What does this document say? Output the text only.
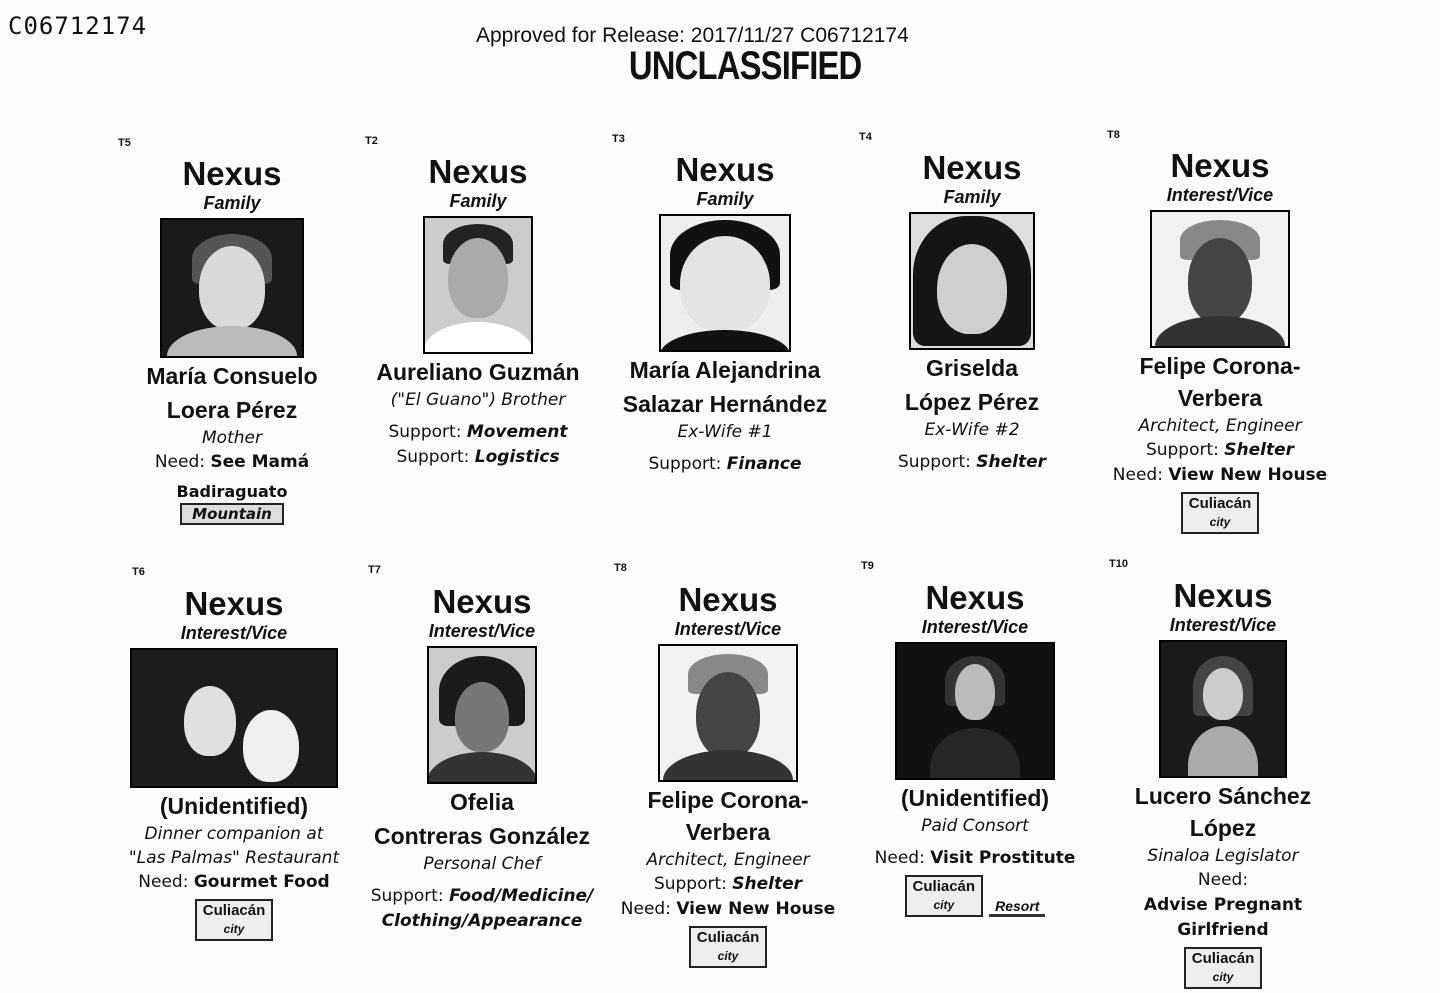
C06712174	Approved for Release: 2017/11/27 C06712174
UNCLASSIFIED
T5
Nexus
Family
María Consuelo
Loera Pérez
Mother
Need: See Mamá
Badiraguato
Mountain
T2
Nexus
Family
Aureliano Guzmán
("El Guano") Brother
Support: Movement
Support: Logistics
T3
Nexus
Family
María Alejandrina
Salazar Hernández
Ex-Wife #1
Support: Finance
T4
Nexus
Family
Griselda
López Pérez
Ex-Wife #2
Support: Shelter
T8
Nexus
Interest/Vice
Felipe Corona-Verbera
Architect, Engineer
Support: Shelter
Need: View New House
Culiacán
city
T6
Nexus
Interest/Vice
(Unidentified)
Dinner companion at
"Las Palmas" Restaurant
Need: Gourmet Food
Culiacán
city
T7
Nexus
Interest/Vice
Ofelia
Contreras González
Personal Chef
Support: Food/Medicine/
Clothing/Appearance
T8
Nexus
Interest/Vice
Felipe Corona-Verbera
Architect, Engineer
Support: Shelter
Need: View New House
Culiacán
city
T9
Nexus
Interest/Vice
(Unidentified)
Paid Consort
Need: Visit Prostitute
Culiacán
city	Resort
T10
Nexus
Interest/Vice
Lucero Sánchez López
Sinaloa Legislator
Need:
Advise Pregnant Girlfriend
Culiacán
city
